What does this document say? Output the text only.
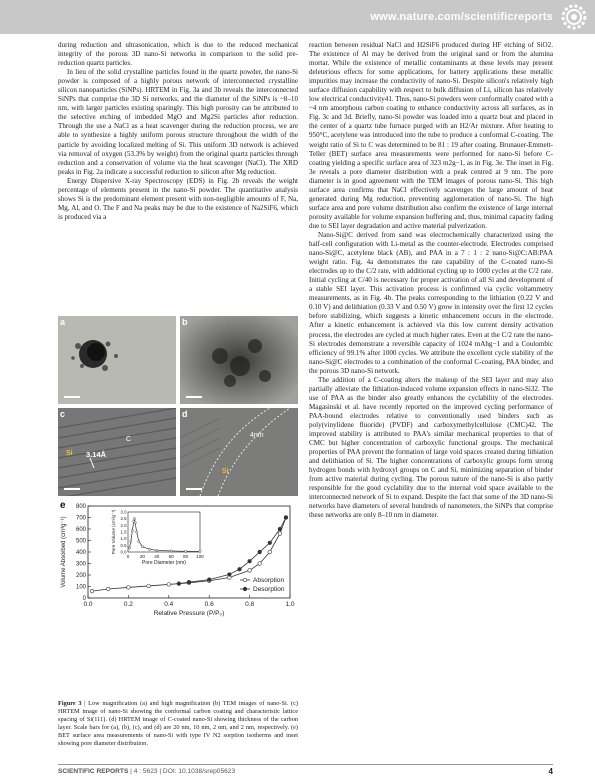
www.nature.com/scientificreports

during reduction and ultrasonication, which is due to the reduced mechanical integrity of the porous 3D nano-Si networks in comparison to the solid pre-reduction quartz particles.

In lieu of the solid crystalline particles found in the quartz powder, the nano-Si powder is composed of a highly porous network of interconnected crystalline silicon nanoparticles (SiNPs). HRTEM in Fig. 3a and 3b reveals the interconnected SiNPs that comprise the 3D Si networks, and the diameter of the SiNPs is ~8–10 nm, with larger particles existing sparingly. This high porosity can be attributed to the selective etching of imbedded MgO and Mg2Si particles after reduction. Through the use a NaCl as a heat scavenger during the reduction process, we are able to synthesize a highly uniform porous structure throughout the width of the particle by avoiding localized melting of Si. This uniform 3D network is achieved via removal of oxygen (53.3% by weight) from the original quartz particles through reduction and a conservation of volume via the heat scavenger (NaCl). The XRD peaks in Fig. 2a indicate a successful reduction to silicon after Mg reduction.

Energy Dispersive X-ray Spectroscopy (EDS) in Fig. 2b reveals the weight percentage of elements present in the nano-Si powder. The quantitative analysis shows Si is the predominant element present with non-negligible amounts of F, Na, Mg, Al, and O. The F and Na peaks may be due to the existence of Na2SiF6, which is produced via a

reaction between residual NaCl and H2SiF6 produced during HF etching of SiO2. The existence of Al may be derived from the original sand or from the alumina mortar. While the existence of metallic contaminants at these levels may present deleterious effects for some applications, for battery applications these metallic impurities may increase the conductivity of nano-Si. Despite silicon's relatively high surface diffusion capability with respect to bulk diffusion of Li, silicon has relatively low electrical conductivity41. Thus, nano-Si powders were conformally coated with a ~4 nm amorphous carbon coating to enhance conductivity across all surfaces, as in Fig. 3c and 3d. Briefly, nano-Si powder was loaded into a quartz boat and placed in the center of a quartz tube furnace purged with an H2/Ar mixture. After heating to 950°C, acetylene was introduced into the tube to produce a conformal C-coating. The weight ratio of Si to C was determined to be 81 : 19 after coating. Brunauer-Emmett-Teller (BET) surface area measurements were performed for nano-Si before C-coating yielding a specific surface area of 323 m2g−1, as in Fig. 3e. The inset in Fig. 3e reveals a pore diameter distribution with a peak centred at 9 nm. The pore diameter is in good agreement with the TEM images of porous nano-Si. This high surface area confirms that NaCl effectively scavenges the large amount of heat generated during Mg reduction, preventing agglomeration of nano-Si. The high surface area and pore volume distribution also confirm the existence of large internal porosity available for volume expansion buffering and, thus, minimal capacity fading due to SEI layer degradation and active material pulverization.

Nano-Si@C derived from sand was electrochemically characterized using the half-cell configuration with Li-metal as the counter-electrode. Electrodes comprised nano-Si@C, acetylene black (AB), and PAA in a 7 : 1 : 2 nano-Si@C:AB:PAA weight ratio. Fig. 4a demonstrates the rate capability of the C-coated nano-Si electrodes up to the C/2 rate, with additional cycling up to 1000 cycles at the C/2 rate. Initial cycling at C/40 is necessary for proper activation of all Si and development of a stable SEI layer. This activation process is confirmed via cyclic voltammetry measurements, as in Fig. 4b. The peaks corresponding to the lithiation (0.22 V and 0.10 V) and delithiation (0.33 V and 0.50 V) grow in intensity over the first 12 cycles before stabilizing, which suggests a kinetic enhancement occurs in the electrode. After a kinetic enhancement is achieved via this low current density activation process, the electrodes are cycled at much higher rates. Even at the C/2 rate the nano-Si electrodes demonstrate a reversible capacity of 1024 mAhg−1 and a Coulombic efficiency of 99.1% after 1000 cycles. We attribute the excellent cycle stability of the nano-Si@C electrodes to a combination of the conformal C-coating, PAA binder, and the porous 3D nano-Si network.

The addition of a C-coating alters the makeup of the SEI layer and may also partially alleviate the lithiation-induced volume expansion effects in nano-Si32. The use of PAA as the binder also greatly enhances the cyclability of the electrodes. Magasinski et al. have recently reported on the improved cycling performance of PAA-bound electrodes relative to conventionally used binders such as poly(vinylidene fluoride) (PVDF) and carboxymethylcellulose (CMC)42. The improved stability is attributed to PAA's similar mechanical properties to that of CMC but higher concentration of carboxylic functional groups. The mechanical properties of PAA prevent the formation of large void spaces created during lithiation and delithiation of Si. The higher concentrations of carboxylic groups form strong hydrogen bonds with hydroxyl groups on C and Si, minimizing separation of binder from active material during cycling. The porous nature of the nano-Si is also partly responsible for the good cyclability due to the internal void space available to the interconnected network of Si to expand. Despite the fact that some of the 3D nano-Si networks have diameters of several hundreds of nanometers, the SiNPs that comprise these networks are only 8–10 nm in diameter.

a	b
c
C
Si 3.14Å
d
4nm
Si
e
0.0	0.2	0.4	0.6	0.8	1.0
0
100
200
300
400
500
600
700
800
Relative Pressure (P/P₀)
Volume Absorbed (cm³g⁻¹)	Absorption
Desorption
0 20 40 60 80 100
0.0
0.5
1.0
1.5
2.0
2.5
3.0
Pore Diameter (nm)
Pore Volume (cm³g⁻¹)
Figure 3 | Low magnification (a) and high magnification (b) TEM images of nano-Si. (c) HRTEM image of nano-Si showing the conformal carbon coating and characteristic lattice spacing of Si(111). (d) HRTEM image of C-coated nano-Si showing thickness of the carbon layer. Scale bars for (a), (b), (c), and (d) are 20 nm, 10 nm, 2 nm, and 2 nm, respectively. (e) BET surface area measurements of nano-Si with type IV N2 sorption isotherms and inset showing pore diameter distribution.
SCIENTIFIC REPORTS | 4 : 5623 | DOI: 10.1038/srep05623	4
